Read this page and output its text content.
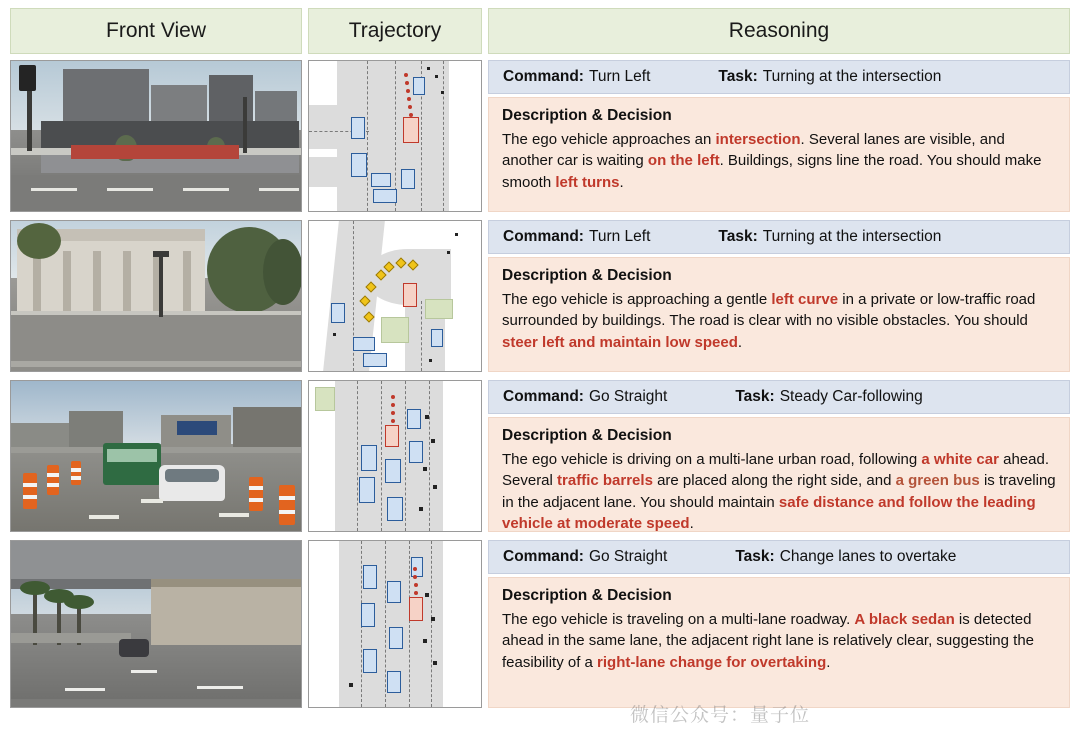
Front View	Trajectory	Reasoning
Command: Turn Left	Task: Turning at the intersection
Description & Decision
The ego vehicle approaches an intersection. Several lanes are visible, and another car is waiting on the left. Buildings, signs line the road. You should make smooth left turns.
Command: Turn Left	Task: Turning at the intersection
Description & Decision
The ego vehicle is approaching a gentle left curve in a private or low-traffic road surrounded by buildings. The road is clear with no visible obstacles. You should steer left and maintain low speed.
Command: Go Straight	Task: Steady Car-following
Description & Decision
The ego vehicle is driving on a multi-lane urban road, following a white car ahead. Several traffic barrels are placed along the right side, and a green bus is traveling in the adjacent lane. You should maintain safe distance and follow the leading vehicle at moderate speed.
Command: Go Straight	Task: Change lanes to overtake
Description & Decision
The ego vehicle is traveling on a multi-lane roadway. A black sedan is detected ahead in the same lane, the adjacent right lane is relatively clear, suggesting the feasibility of a right-lane change for overtaking.
微信公众号：量子位
